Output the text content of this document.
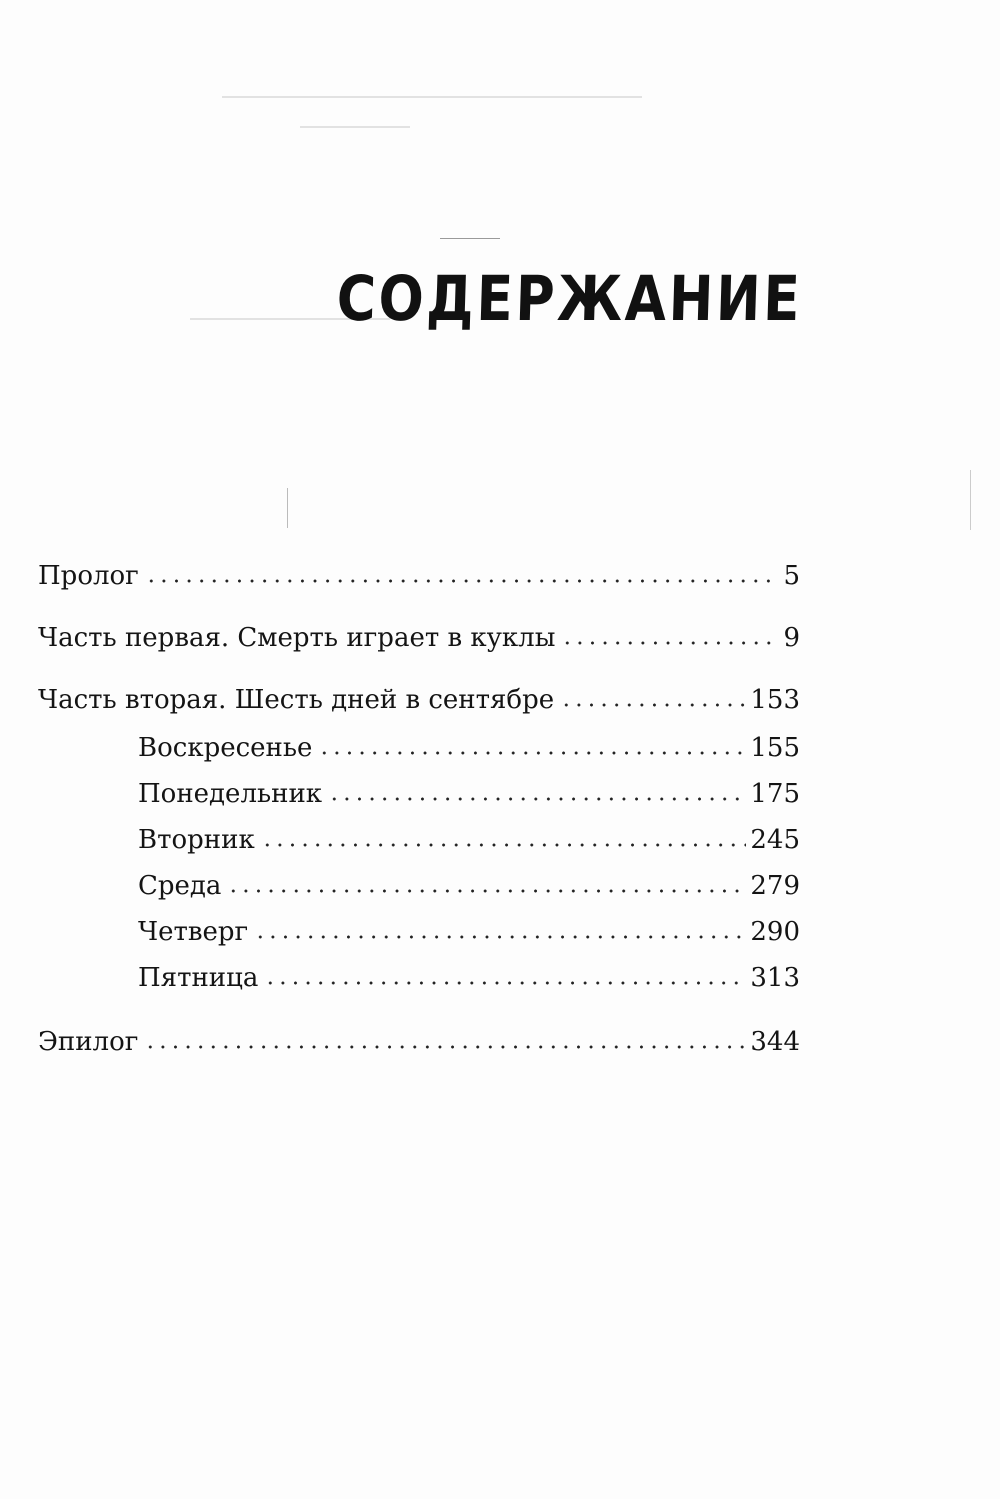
СОДЕРЖАНИЕ
Пролог	5
Часть первая. Смерть играет в куклы	9
Часть вторая. Шесть дней в сентябре	153
Воскресенье	155
Понедельник	175
Вторник	245
Среда	279
Четверг	290
Пятница	313
Эпилог	344
